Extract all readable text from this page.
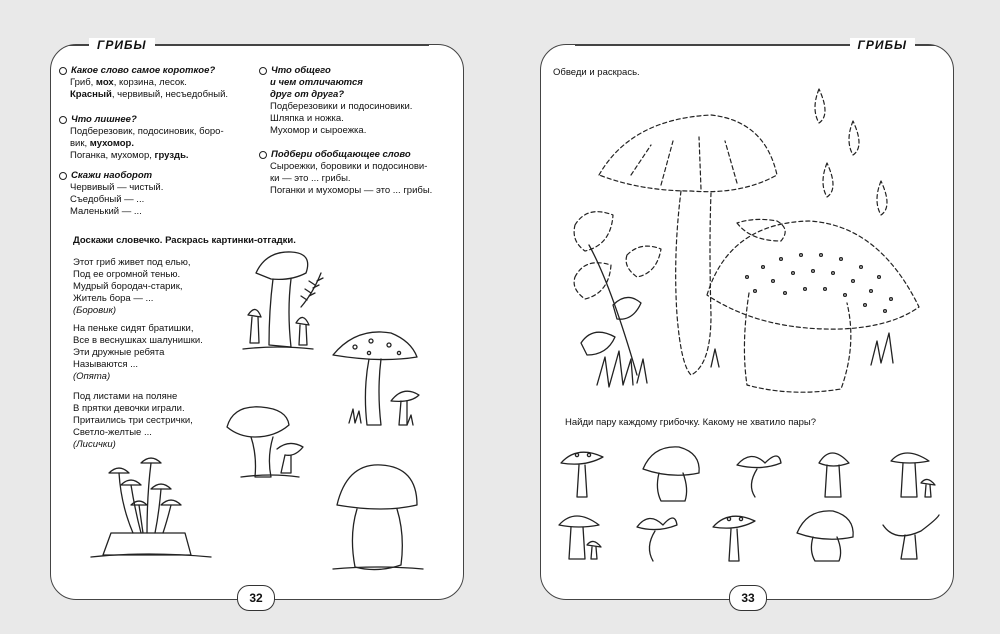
ГРИБЫ
Какое слово самое короткое?
Гриб, мох, корзина, лесок.
Красный, червивый, несъедобный.
Что лишнее?
Подберезовик, подосиновик, боро-
вик, мухомор.
Поганка, мухомор, груздь.
Скажи наоборот
Червивый — чистый.
Съедобный — ...
Маленький — ...
Что общего
и чем отличаются
друг от друга?
Подберезовики и подосиновики.
Шляпка и ножка.
Мухомор и сыроежка.
Подбери обобщающее слово
Сыроежки, боровики и подосинови-
ки — это ... грибы.
Поганки и мухоморы — это ... грибы.
Доскажи словечко. Раскрась картинки-отгадки.
Этот гриб живет под елью,
Под ее огромной тенью.
Мудрый бородач-старик,
Житель бора — ...
(Боровик)
На пеньке сидят братишки,
Все в веснушках шалунишки.
Эти дружные ребята
Называются ...
(Опята)
Под листами на поляне
В прятки девочки играли.
Притаились три сестрички,
Светло-желтые ...
(Лисички)
32
ГРИБЫ
Обведи и раскрась.
Найди пару каждому грибочку. Какому не хватило пары?
33
